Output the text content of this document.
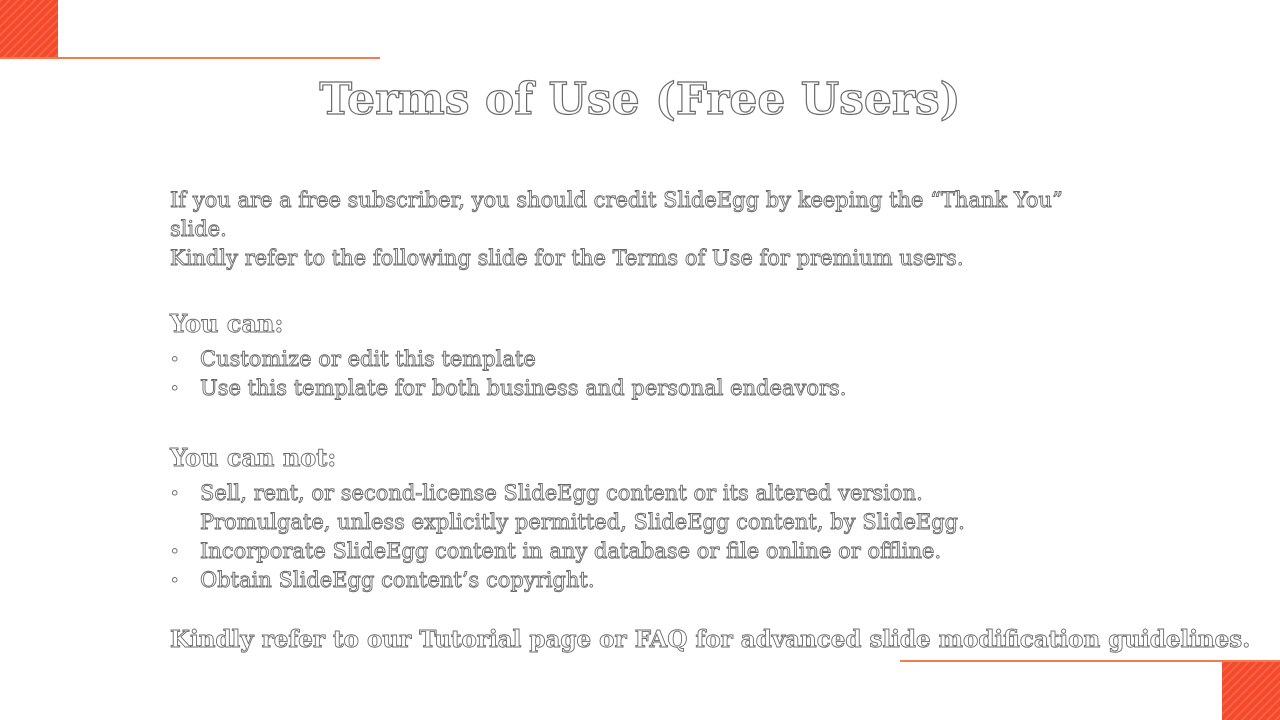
Terms of Use (Free Users)

If you are a free subscriber, you should credit SlideEgg by keeping the “Thank You”
slide.
Kindly refer to the following slide for the Terms of Use for premium users.

You can:
• Customize or edit this template
• Use this template for both business and personal endeavors.
You can not:
• Sell, rent, or second-license SlideEgg content or its altered version.
Promulgate, unless explicitly permitted, SlideEgg content, by SlideEgg.
• Incorporate SlideEgg content in any database or file online or offline.
• Obtain SlideEgg content’s copyright.

Kindly refer to our Tutorial page or FAQ for advanced slide modification guidelines.
